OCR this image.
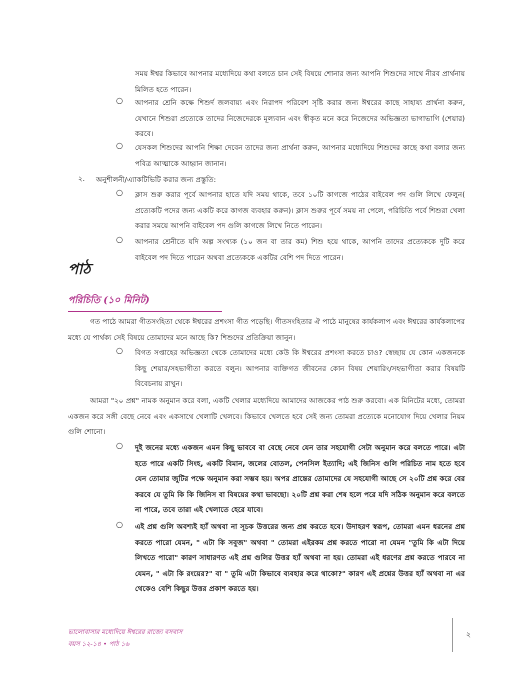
সময় ঈশ্বর কিভাবে আপনার মধ্যেদিয়ে কথা বলতে চান সেই বিষয়ে শোনার জন্য আপনি শিশুদের সাথে নীরব প্রার্থনায় মিলিত হতে পারেন।
○ আপনার শ্রেনি কক্ষে শিশুর্দ জলবায়্য এবং নিরাপদ পরিবেশ সৃষ্টি করার জন্য ঈশ্বরের কাছে সাহায্য প্রার্থনা করুন, যেখানে শিশুরা প্রত্যেকে তাদের নিজেদেরকে মূল্যবান এবং স্বীকৃত মনে করে নিজেদের অভিজ্ঞতা ভাগাভাগি (শেয়ার) করবে।
○ যেসকল শিশুদের আপনি শিক্ষা দেবেন তাদের জন্য প্রার্থনা করুন, আপনার মধ্যেদিয়ে শিশুদের কাছে কথা বলার জন্য পবিত্র আত্মাকে আহ্বান জানান।
২. অনুশীলনী/এ্যাকটিভিটি করার জন্য প্রস্তুতি:
○ ক্লাস শুরু করার পূর্বে আপনার হাতে যদি সময় থাকে, তবে ১০টি কাগজে পাঠের বাইবেল পদ গুলি লিখে ফেলুন( প্রত্যেকটি পদের জন্য একটি করে কাগজ ব্যবহার করুন)। ক্লাস শুরুর পূর্বে সময় না পেলে, পরিচিতি পর্বে শিশুরা খেলা করার সময়ে আপনি বাইবেল পদ গুলি কাগজে লিখে নিতে পারেন।
○ আপনার শ্রেনীতে যদি অল্প সংখ্যক (১০ জন বা তার কম) শিশু হয়ে থাকে, আপনি তাদের প্রত্যেককে দুটি করে বাইবেল পদ দিতে পারেন অথবা প্রত্যেককে একটির বেশি পদ দিতে পারেন।
পাঠ
পরিচিতি (১০ মিনিট)
গত পাঠে আমরা গীতসংহিতা থেকে ঈশ্বরের প্রশংসা গীত পড়েছি। গীতসংহিতার ঐ পাঠে মানুষের কার্যকলাপ এবং ঈশ্বরের কার্যকলাপের মধ্যে যে পার্থক্য সেই বিষয়ে তোমাদের মনে আছে কি? শিশুদের প্রতিক্রিয়া জানুন।
○ বিগত সপ্তাহের অভিজ্ঞতা থেকে তোমাদের মধ্যে কেউ কি ঈশ্বরের প্রশংসা করতে চাও? স্বেচ্ছায় যে কোন একজনকে কিছু শেয়ার/সহভাগীতা করতে বলুন। আপনার ব্যক্তিগত জীবনের কোন বিষয় শেয়ারিং/সহভাগীতা করার বিষয়টি বিবেচনায় রাখুন।
আমরা "২০ প্রশ্ন" নামক অনুমান করে বলা, একটি খেলার মধ্যেদিয়ে আমাদের আজকের পাঠ শুরু করবো। এক মিনিটের মধ্যে, তোমরা একজন করে সঙ্গী বেছে নেবে এবং একসাথে খেলাটি খেলবে। কিভাবে খেলতে হবে সেই জন্য তোমরা প্রত্যেকে মনোযোগ দিয়ে খেলার নিয়ম গুলি শোনো।
○ দুই জনের মধ্যে একজন এমন কিছু ভাববে বা বেছে নেবে যেন তার সহযোগী সেটা অনুমান করে বলতে পারে। এটা হতে পারে একটি সিংহ, একটি বিমান, জলের বোতল, পেনসিল ইত্যাদি; এই জিনিস গুলি পরিচিত নাম হতে হবে যেন তোমার জুটির পক্ষে অনুমান করা সম্ভব হয়। অপর প্রান্তের তোমাদের যে সহযোগী আছে সে ২০টি প্রশ্ন করে বের করবে যে তুমি কি কি জিনিস বা বিষয়ের কথা ভাবছো। ২০টি প্রশ্ন করা শেষ হলে পরে যদি সঠিক অনুমান করে বলতে না পারে, তবে তারা এই খেলাতে হেরে যাবে।
○ এই প্রশ্ন গুলি অবশ্যই হ্যাঁ অথবা না সূচক উত্তরের জন্য প্রশ্ন করতে হবে। উদাহরণ স্বরূপ, তোমরা এমন ধরনের প্রশ্ন করতে পারো যেমন, " এটা কি সবুজ" অথবা " তোমরা এইরকম প্রশ্ন করতে পারো না যেমন "তুমি কি এটা দিয়ে লিখতে পারো" কারণ সাধারণত এই প্রশ্ন গুলির উত্তর হ্যাঁ অথবা না হয়। তোমরা এই ধরণের প্রশ্ন করতে পারবে না যেমন, " এটা কি রংয়ের?" বা " তুমি এটা কিভাবে ব্যবহার করে থাকো?" কারণ এই প্রশ্নের উত্তর হ্যাঁ অথবা না এর থেকেও বেশি কিছুর উত্তর প্রকাশ করতে হয়।
ভালোবাসার মধ্যেদিয়ে ঈশ্বরের রাজ্যে বসবাস
বয়স ১২-১৪ • পাঠ ১৬
২
